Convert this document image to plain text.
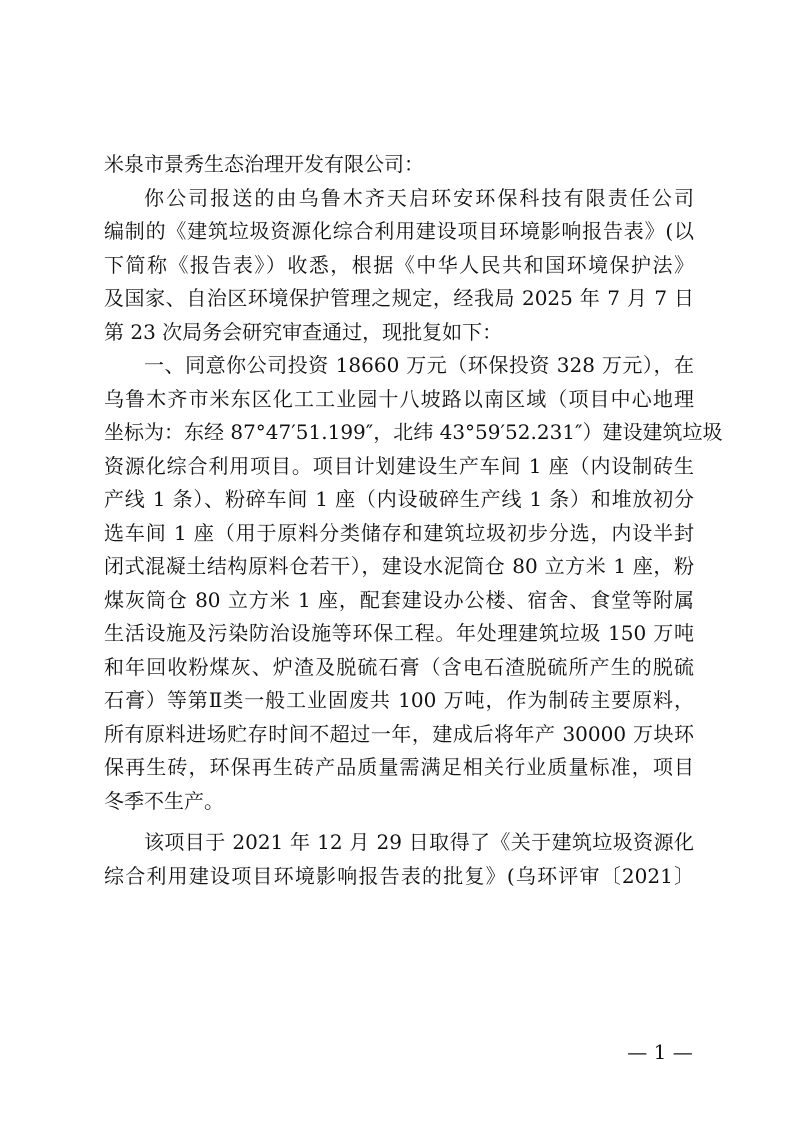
米泉市景秀生态治理开发有限公司：
你公司报送的由乌鲁木齐天启环安环保科技有限责任公司
编制的《建筑垃圾资源化综合利用建设项目环境影响报告表》(以
下简称《报告表》）收悉，根据《中华人民共和国环境保护法》
及国家、自治区环境保护管理之规定，经我局 2025 年 7 月 7 日
第 23 次局务会研究审查通过，现批复如下：
一、同意你公司投资 18660 万元（环保投资 328 万元），在
乌鲁木齐市米东区化工工业园十八坡路以南区域（项目中心地理
坐标为：东经 87°47′51.199″，北纬 43°59′52.231″）建设建筑垃圾
资源化综合利用项目。项目计划建设生产车间 1 座（内设制砖生
产线 1 条）、粉碎车间 1 座（内设破碎生产线 1 条）和堆放初分
选车间 1 座（用于原料分类储存和建筑垃圾初步分选，内设半封
闭式混凝土结构原料仓若干），建设水泥筒仓 80 立方米 1 座，粉
煤灰筒仓 80 立方米 1 座，配套建设办公楼、宿舍、食堂等附属
生活设施及污染防治设施等环保工程。年处理建筑垃圾 150 万吨
和年回收粉煤灰、炉渣及脱硫石膏（含电石渣脱硫所产生的脱硫
石膏）等第Ⅱ类一般工业固废共 100 万吨，作为制砖主要原料，
所有原料进场贮存时间不超过一年，建成后将年产 30000 万块环
保再生砖，环保再生砖产品质量需满足相关行业质量标准，项目
冬季不生产。
该项目于 2021 年 12 月 29 日取得了《关于建筑垃圾资源化
综合利用建设项目环境影响报告表的批复》(乌环评审〔2021〕
— 1 —
